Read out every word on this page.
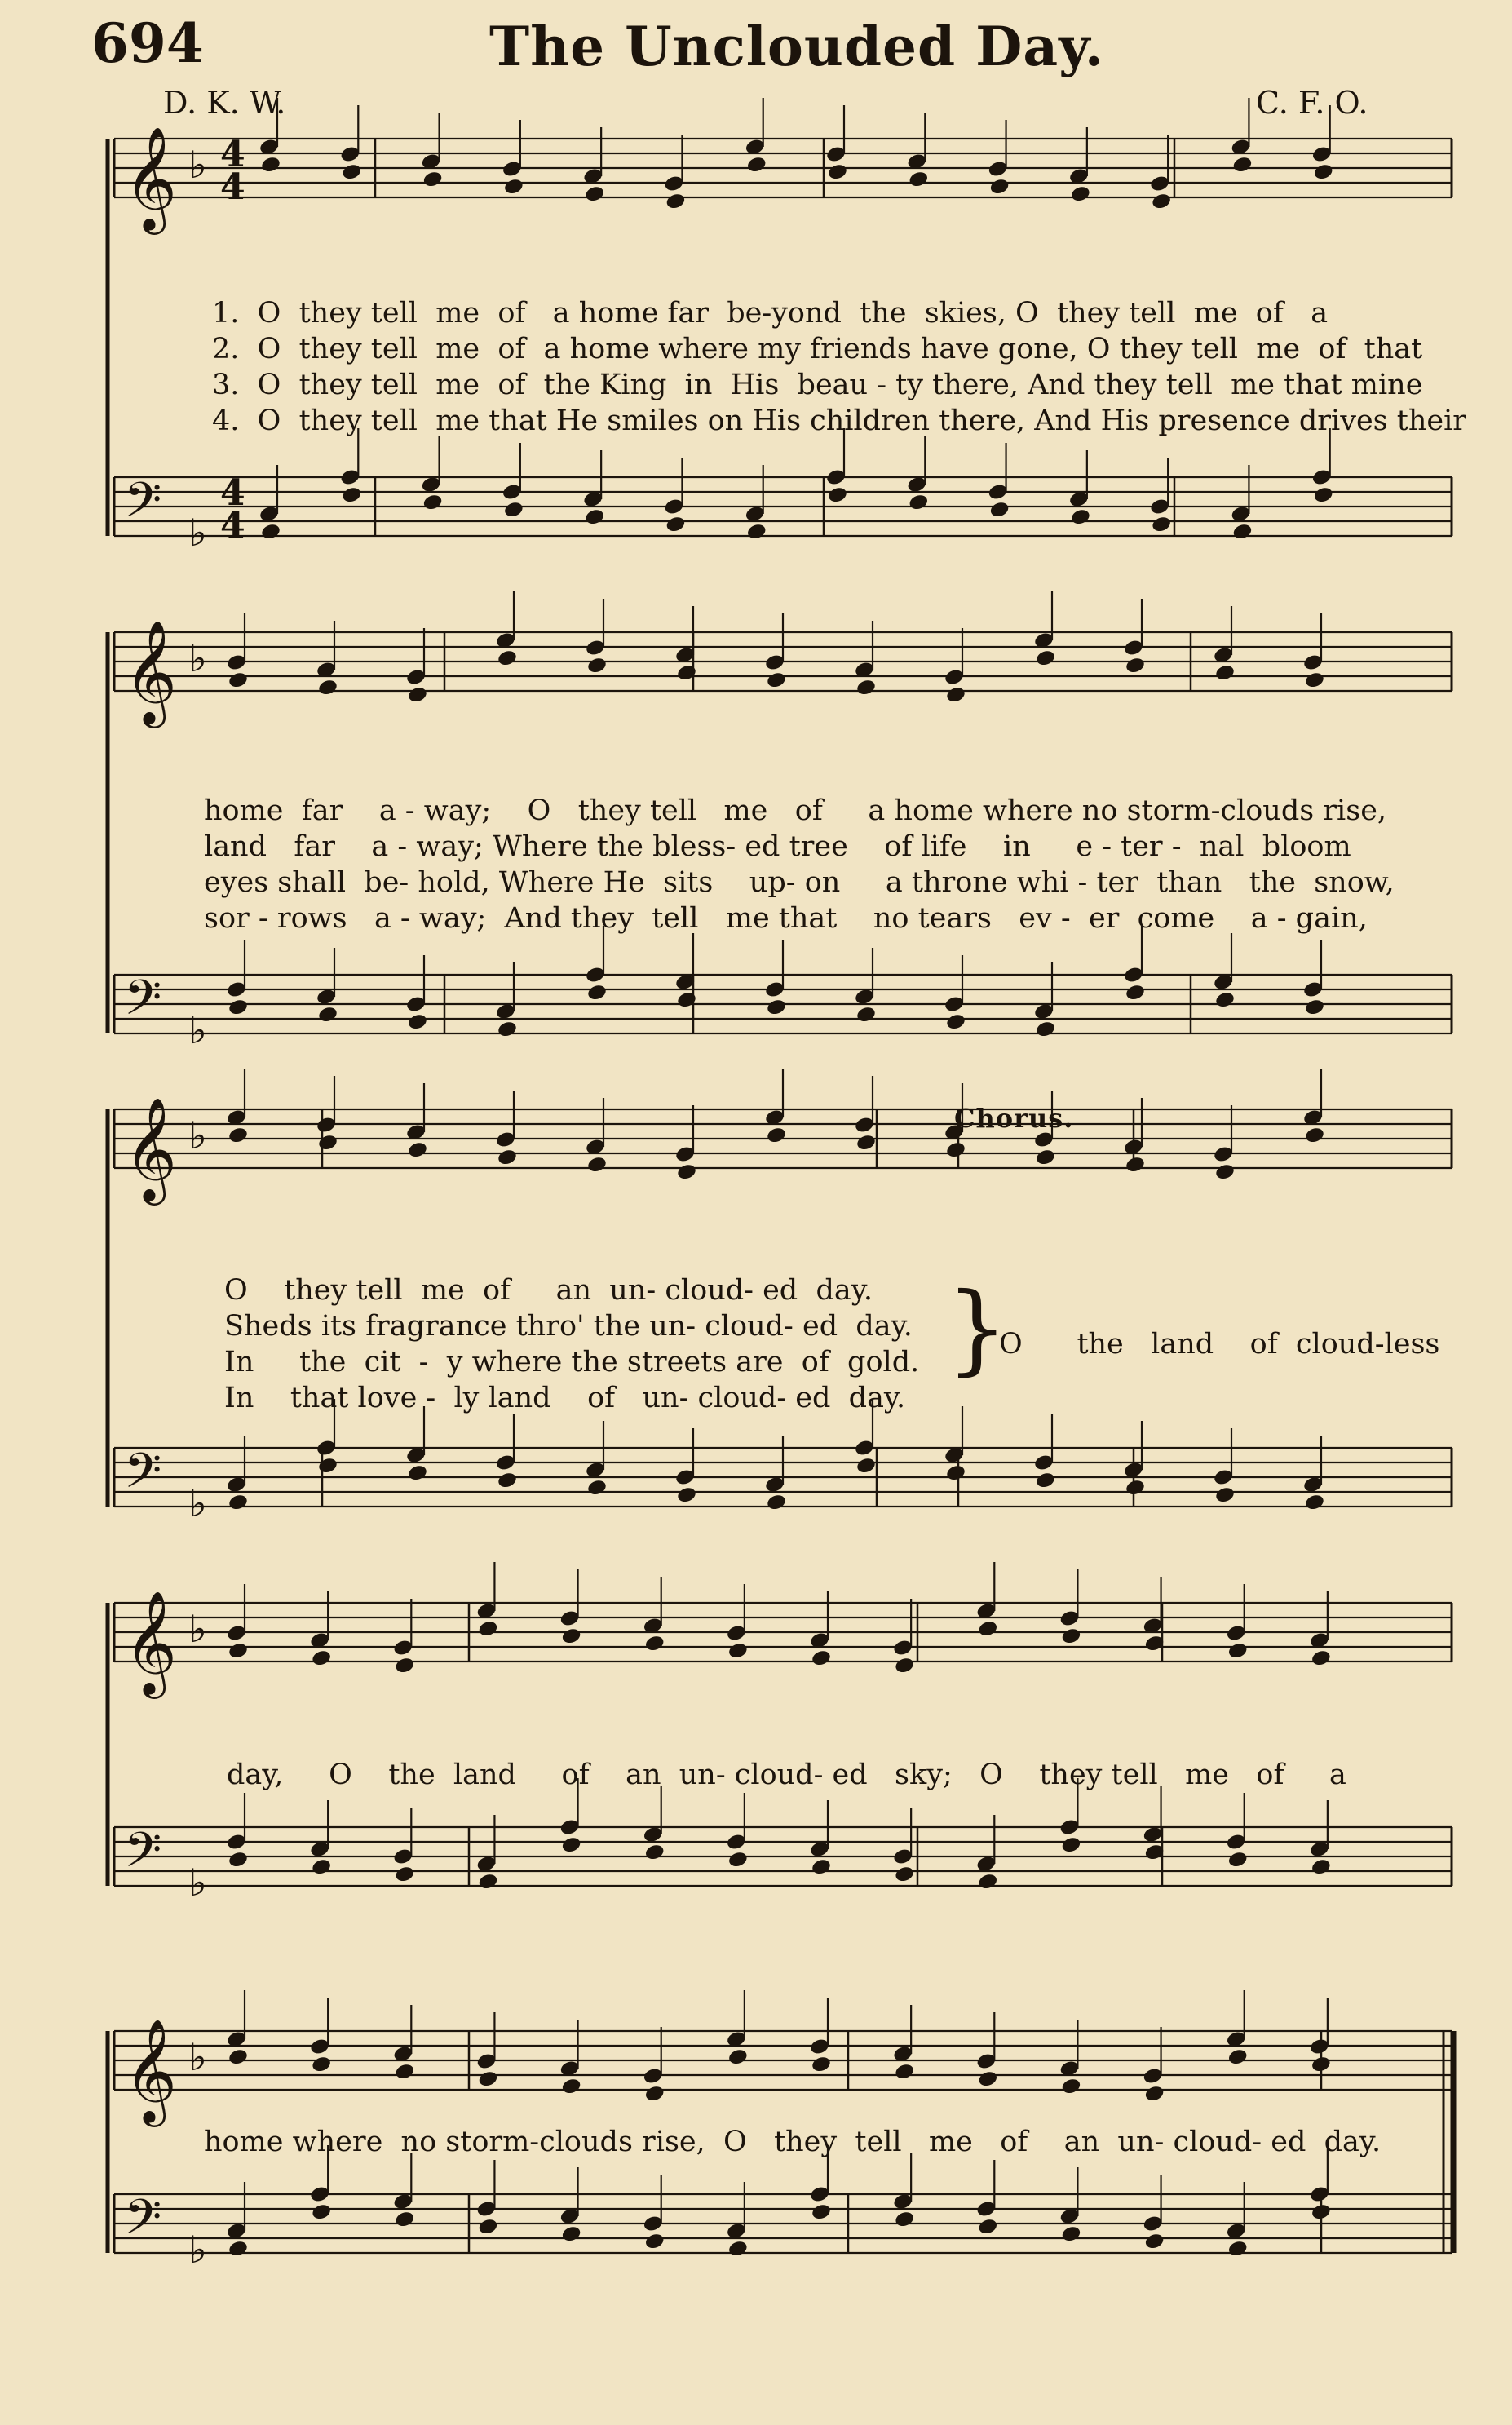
694	The Unclouded Day.
D. K. W.	C. F. O.
𝄞 ♭ 4
4
𝄢 ♭
4
4
𝄞 ♭
𝄢 ♭
𝄞 ♭
𝄢 ♭
𝄞 ♭
𝄢 ♭
𝄞 ♭
𝄢 ♭
1.  O  they tell  me  of   a home far  be-yond  the  skies, O  they tell  me  of   a
2.  O  they tell  me  of  a home where my friends have gone, O they tell  me  of  that
3.  O  they tell  me  of  the King  in  His  beau - ty there, And they tell  me that mine
4.  O  they tell  me that He smiles on His children there, And His presence drives their
home  far    a - way;    O   they tell   me   of     a home where no storm-clouds rise,
land   far    a - way; Where the bless- ed tree    of life    in     e - ter -  nal  bloom
eyes shall  be- hold, Where He  sits    up- on     a throne whi - ter  than   the  snow,
sor - rows   a - way;  And they  tell   me that    no tears   ev -  er  come    a - gain,
Chorus.
O    they tell  me  of     an  un- cloud- ed  day.
Sheds its fragrance thro' the un- cloud- ed  day.
In     the  cit  -  y where the streets are  of  gold.
In    that love -  ly land    of   un- cloud- ed  day.
}
O      the   land    of  cloud-less
day,     O    the  land     of    an  un- cloud- ed   sky;   O    they tell   me   of     a
home where  no storm-clouds rise,  O   they  tell   me   of    an  un- cloud- ed  day.
